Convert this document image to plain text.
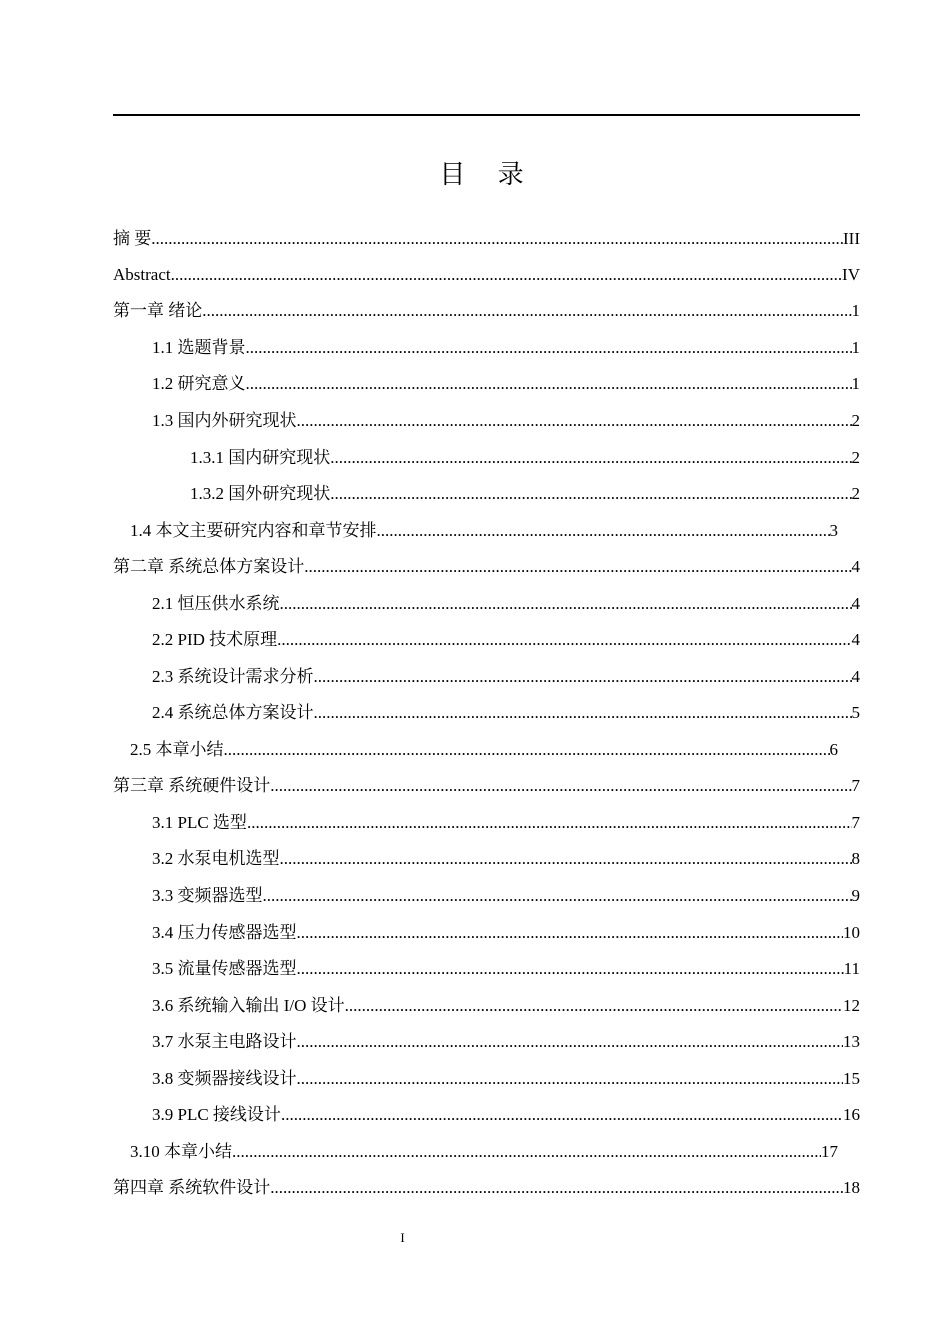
目 录
摘 要 .....	III
Abstract .....	IV
第一章 绪论 .....	1
1.1 选题背景 .....	1
1.2 研究意义 .....	1
1.3 国内外研究现状 .....	2
1.3.1 国内研究现状 .....	2
1.3.2 国外研究现状 .....	2
1.4 本文主要研究内容和章节安排 .....	3
第二章 系统总体方案设计 .....	4
2.1 恒压供水系统 .....	4
2.2 PID 技术原理 .....	4
2.3 系统设计需求分析 .....	4
2.4 系统总体方案设计 .....	5
2.5 本章小结 .....	6
第三章 系统硬件设计 .....	7
3.1 PLC 选型 .....	7
3.2 水泵电机选型 .....	8
3.3 变频器选型 .....	9
3.4 压力传感器选型 .....	10
3.5 流量传感器选型 .....	11
3.6 系统输入输出 I/O 设计 .....	12
3.7 水泵主电路设计 .....	13
3.8 变频器接线设计 .....	15
3.9 PLC 接线设计 .....	16
3.10 本章小结 .....	17
第四章 系统软件设计 .....	18
I
